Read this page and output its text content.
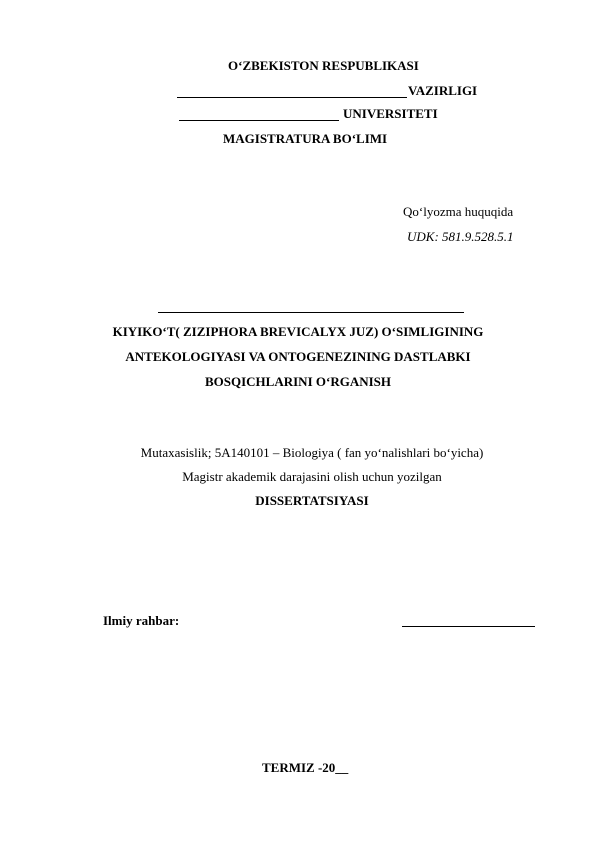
O‘ZBEKISTON RESPUBLIKASI
VAZIRLIGI
UNIVERSITETI
MAGISTRATURA BO‘LIMI
Qo‘lyozma huquqida
UDK: 581.9.528.5.1
KIYIKO‘T( ZIZIPHORA BREVICALYX JUZ) O‘SIMLIGINING
ANTEKOLOGIYASI VA ONTOGENEZINING DASTLABKI
BOSQICHLARINI O‘RGANISH
Mutaxasislik; 5A140101 – Biologiya ( fan yo‘nalishlari bo‘yicha)
Magistr akademik darajasini olish uchun yozilgan
DISSERTATSIYASI
Ilmiy rahbar:
TERMIZ -20__
